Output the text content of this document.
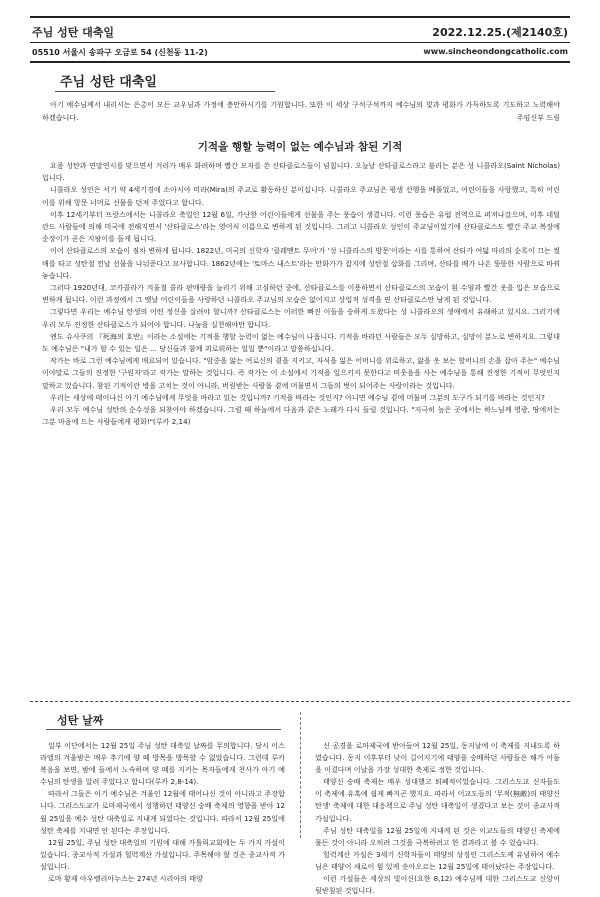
주님 성탄 대축일	2022.12.25.(제2140호)
05510 서울시 송파구 오금로 54 (신천동 11-2)	www.sincheondongcatholic.com
주님 성탄 대축일
아기 예수님께서 내리시는 은총이 모든 교우님과 가정에 충만하시기를 기원합니다. 또한 이 세상 구석구석까지 예수님의 빛과 평화가 가득하도록 기도하고 노력해야 하겠습니다.	주임신부 드림
기적을 행할 능력이 없는 예수님과 참된 기적

요즘 성탄과 연말연시를 맞으면서 거리가 매우 화려하며 빨간 모자를 쓴 산타클로스들이 넘칩니다. 오늘날 산타클로스라고 불리는 분은 성 니콜라오(Saint Nicholas)입니다.

니콜라오 성인은 서기 약 4세기경에 소아시아 미라(Mira)의 주교로 활동하신 분이십니다. 니콜라오 주교님은 평생 선행을 베풀었고, 어린이들을 사랑했고, 특히 어린이를 위해 항문 너머로 선물을 던져 주었다고 합니다.

이후 12세기부터 프랑스에서는 니콜라오 축일인 12월 6일, 가난한 어린이들에게 선물을 주는 풍습이 생겼니다. 이런 풍습은 유럽 전역으로 퍼져나갔으며, 이후 네덜란드 사람들에 의해 미국에 전해지면서 '산타클로스'라는 영어식 이름으로 변하게 된 것입니다. 그리고 니콜라오 성인이 주교님이었기에 산타클로스도 빨간 주교 복장에 순장이가 곧은 지팡이를 들게 됩니다.

이어 산타클로스의 모습이 점차 변하게 됩니다. 1822년, 미국의 신학자 '클레멘트 무어'가 '성 니콜라스의 방문'이라는 시를 통하여 산타가 여덟 마리의 순록이 끄는 썰매를 타고 성탄절 전날 선물을 나눠준다고 묘사합니다. 1862년에는 '토마스 내스트'라는 만화가가 잡지에 성탄절 삽화를 그리며, 산타를 배가 나온 뚱뚱한 사람으로 바꿔놓습니다.

그러다 1920년대, 코카콜라가 겨울철 콜라 판매량을 늘리기 위해 고심하던 중에, 산타클로스를 이용하면서 산타클로스의 모습이 흰 수염과 빨간 옷을 입은 모습으로 변하게 됩니다. 이런 과정에서 그 옛날 어린이들을 사랑하던 니콜라오 주교님의 모습은 없어지고 상업적 성격을 띤 산타클로스만 남게 된 것입니다.

그렇다면 우리는 예수님 탄생의 어떤 정신을 살려야 할니까? 산타클로스는 이러한 빠진 이들을 숭하게 도왔다는 성 니콜라오의 생애에서 유래하고 있지요. 그러기에 우리 모두 진정한 산타클로스가 되어야 합니다. 나눔을 실천해야만 합니다.

엔도 슈사쿠의 『死海의 호반』이라는 소설에는 기적을 행할 능력이 없는 예수님이 나옵니다. 기적을 바라던 사람들은 모두 실망하고, 실망이 분노로 변하지요. 그렇대도 예수님은 "내가 할 수 있는 일은 ... 당신들과 함께 괴로워하는 일일 뿐"이라고 말씀하십니다.

작가는 바로 그런 예수님에게 매료되어 있습니다. "암중을 앓는 여로신의 곁을 지키고, 자식을 잃은 어머니를 위로하고, 앓을 옷 보는 할머니의 손을 잡아 주는" 예수님이야말로 그들의 진정한 '구원자'라고 작가는 말하는 것입니다. 즉 작가는 이 소설에서 기적을 일으키지 못한다고 비웃음을 사는 예수님을 통해 진정한 기적이 무엇인지 말하고 있습니다. 참된 기적이란 병을 고치는 것이 아니라, 버림받는 사람을 곁에 머물면서 그들의 벗이 되어주는 사랑이라는 것입니다.

우리는 세상에 태어나신 아기 예수님에게 무엇을 바라고 있는 것입니까? 기적을 바라는 것인지? 아니면 예수님 곁에 머물며 그분의 도구가 되기를 바라는 것인지?

우리 모두 예수님 성탄의 순수성을 되찾아야 하겠습니다. 그럴 때 하늘에서 다음과 같은 노래가 다시 들릴 것입니다. "지극히 높은 곳에서는 하느님께 영광, 땅에서는 그분 마음에 드는 사람들에게 평화!"(루카 2,14)

성탄 날짜

일부 이단에서는 12월 25일 주님 성탄 대축일 날짜를 무의합니다. 당시 이스라엘의 겨울밤은 매우 추기에 양 떼 방목을 방목할 수 없었습니다. 그런데 루카 복음을 보면, 밤에 들에서 노숙하며 양 떼를 지키는 목자들에게 천사가 아기 예수님의 탄생을 알려 주었다고 합니다(루카 2,8-14).

따라서 그들은 이기 예수님은 겨울인 12월에 태어나신 것이 아니라고 주장합니다. 그리스도교가 로마제국에서 성행하던 태양신 숭배 축제의 영향을 받아 12월 25일을 예수 성탄 대축일로 지내게 되었다는 것입니다. 따라서 12월 25일에 성탄 축제를 지내면 안 된다는 주장입니다.

12월 25일, 주님 성탄 대축일의 기원에 대해 가톨릭교회에는 두 가지 가설이 있습니다. 종교사적 가설과 힐력계산 가설입니다. 주목해야 할 것은 종교사적 가설입니다.

로마 황제 아우렐리아누스는 274년 시리아의 태양

신 공경을 로마제국에 받아들여 12월 25일, 동지날에 이 축제를 지내도록 하였습니다. 동지 이후부터 낮이 길어지기에 태양을 숭배하던 사람들은 해가 어둠을 이겼다며 이날을 가장 성대한 축제로 정한 것입니다.

태양신 숭배 축제는 매우 성대했고 퇴폐적이었습니다. 그리스도교 신자들도 이 축제에 유혹에 쉽게 빠지곤 했지요. 따라서 이교도들의 '무적(無敵)의 태양신 탄생' 축제에 대한 대응책으로 주님 성탄 대축일이 생겼다고 보는 것이 종교사적 가설입니다.

주님 성탄 대축일을 12월 25일에 지내게 된 것은 이교도들의 태양신 축제에 물든 것이 아니라 오히려 그것을 극복하려고 한 결과라고 볼 수 있습니다.

힐력계산 가설은 3세기 신학자들이 태양의 상징인 그리스도께 유념하여 예수님은 태양이 새로이 힘 있게 솟아오르는 12월 25일에 태어났다는 주장입니다.

이런 가설들은 세상의 빛이신(요한 8,12) 예수님께 대한 그리스도교 신앙이 뒷받침된 것입니다.
